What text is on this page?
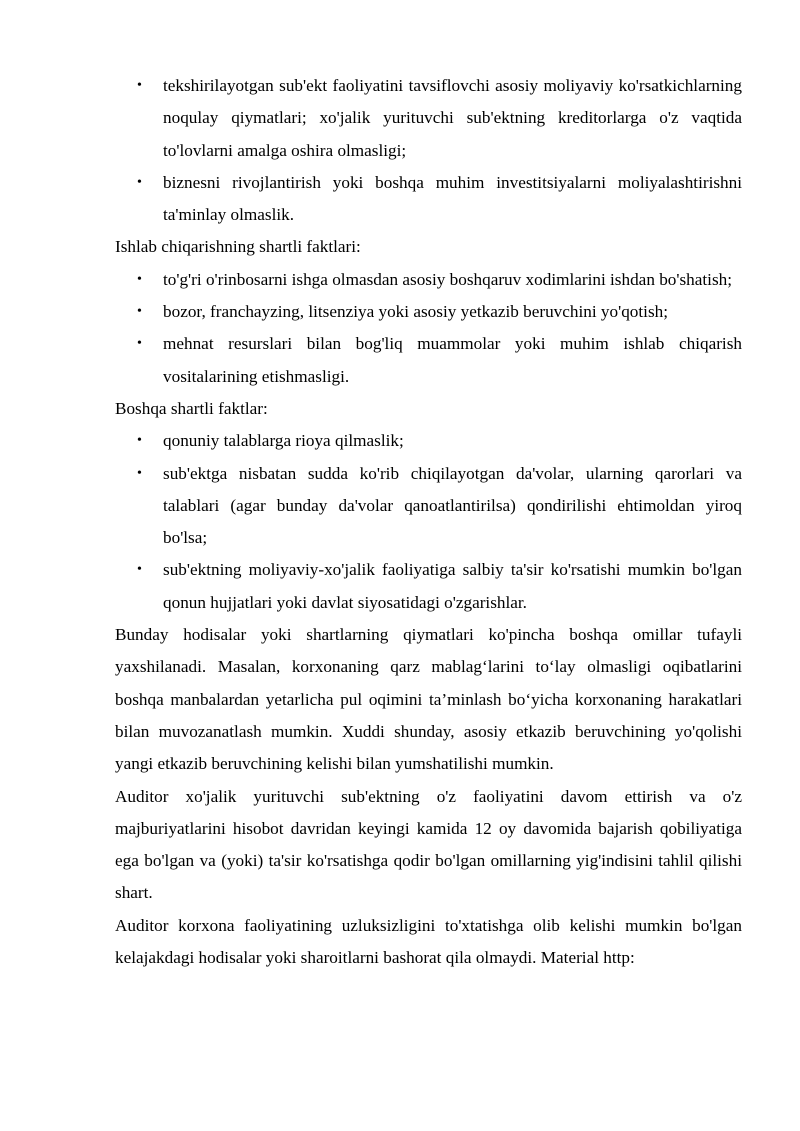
• tekshirilayotgan sub'ekt faoliyatini tavsiflovchi asosiy moliyaviy ko'rsatkichlarning noqulay qiymatlari; xo'jalik yurituvchi sub'ektning kreditorlarga o'z vaqtida to'lovlarni amalga oshira olmasligi;
• biznesni rivojlantirish yoki boshqa muhim investitsiyalarni moliyalashtirishni ta'minlay olmaslik.

Ishlab chiqarishning shartli faktlari:

• to'g'ri o'rinbosarni ishga olmasdan asosiy boshqaruv xodimlarini ishdan bo'shatish;
• bozor, franchayzing, litsenziya yoki asosiy yetkazib beruvchini yo'qotish;
• mehnat resurslari bilan bog'liq muammolar yoki muhim ishlab chiqarish vositalarining etishmasligi.

Boshqa shartli faktlar:

• qonuniy talablarga rioya qilmaslik;
• sub'ektga nisbatan sudda ko'rib chiqilayotgan da'volar, ularning qarorlari va talablari (agar bunday da'volar qanoatlantirilsa) qondirilishi ehtimoldan yiroq bo'lsa;
• sub'ektning moliyaviy-xo'jalik faoliyatiga salbiy ta'sir ko'rsatishi mumkin bo'lgan qonun hujjatlari yoki davlat siyosatidagi o'zgarishlar.

Bunday hodisalar yoki shartlarning qiymatlari ko'pincha boshqa omillar tufayli yaxshilanadi. Masalan, korxonaning qarz mablag‘larini to‘lay olmasligi oqibatlarini boshqa manbalardan yetarlicha pul oqimini ta’minlash bo‘yicha korxonaning harakatlari bilan muvozanatlash mumkin. Xuddi shunday, asosiy etkazib beruvchining yo'qolishi yangi etkazib beruvchining kelishi bilan yumshatilishi mumkin.

Auditor xo'jalik yurituvchi sub'ektning o'z faoliyatini davom ettirish va o'z majburiyatlarini hisobot davridan keyingi kamida 12 oy davomida bajarish qobiliyatiga ega bo'lgan va (yoki) ta'sir ko'rsatishga qodir bo'lgan omillarning yig'indisini tahlil qilishi shart.

Auditor korxona faoliyatining uzluksizligini to'xtatishga olib kelishi mumkin bo'lgan kelajakdagi hodisalar yoki sharoitlarni bashorat qila olmaydi. Material http:
